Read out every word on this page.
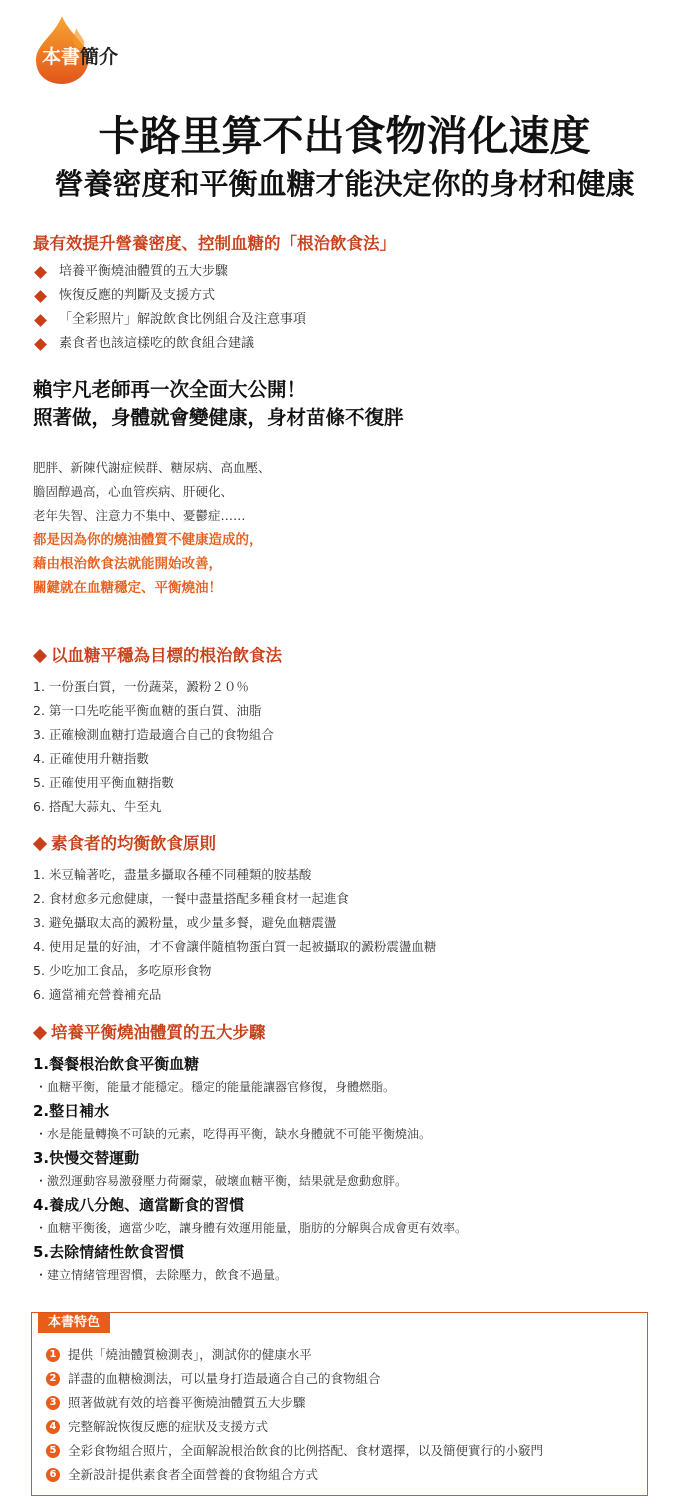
本書簡介
卡路里算不出食物消化速度
營養密度和平衡血糖才能決定你的身材和健康
最有效提升營養密度、控制血糖的「根治飲食法」
培養平衡燒油體質的五大步驟
恢復反應的判斷及支援方式
「全彩照片」解說飲食比例組合及注意事項
素食者也該這樣吃的飲食組合建議
賴宇凡老師再一次全面大公開！
照著做，身體就會變健康，身材苗條不復胖
肥胖、新陳代謝症候群、糖尿病、高血壓、
膽固醇過高，心血管疾病、肝硬化、
老年失智、注意力不集中、憂鬱症……
都是因為你的燒油體質不健康造成的，
藉由根治飲食法就能開始改善，
關鍵就在血糖穩定、平衡燒油！
以血糖平穩為目標的根治飲食法
1. 一份蛋白質，一份蔬菜，澱粉２０％
2. 第一口先吃能平衡血糖的蛋白質、油脂
3. 正確檢測血糖打造最適合自己的食物組合
4. 正確使用升糖指數
5. 正確使用平衡血糖指數
6. 搭配大蒜丸、牛至丸
素食者的均衡飲食原則
1. 米豆輪著吃，盡量多攝取各種不同種類的胺基酸
2. 食材愈多元愈健康，一餐中盡量搭配多種食材一起進食
3. 避免攝取太高的澱粉量，或少量多餐，避免血糖震盪
4. 使用足量的好油，才不會讓伴隨植物蛋白質一起被攝取的澱粉震盪血糖
5. 少吃加工食品，多吃原形食物
6. 適當補充營養補充品
培養平衡燒油體質的五大步驟
1.餐餐根治飲食平衡血糖
・血糖平衡，能量才能穩定。穩定的能量能讓器官修復，身體燃脂。
2.整日補水
・水是能量轉換不可缺的元素，吃得再平衡，缺水身體就不可能平衡燒油。
3.快慢交替運動
・激烈運動容易激發壓力荷爾蒙，破壞血糖平衡，結果就是愈動愈胖。
4.養成八分飽、適當斷食的習慣
・血糖平衡後，適當少吃，讓身體有效運用能量，脂肪的分解與合成會更有效率。
5.去除情緒性飲食習慣
・建立情緒管理習慣，去除壓力，飲食不過量。
本書特色
1 提供「燒油體質檢測表」，測試你的健康水平
2 詳盡的血糖檢測法，可以量身打造最適合自己的食物組合
3 照著做就有效的培養平衡燒油體質五大步驟
4 完整解說恢復反應的症狀及支援方式
5 全彩食物組合照片，全面解說根治飲食的比例搭配、食材選擇，以及簡便實行的小竅門
6 全新設計提供素食者全面營養的食物組合方式
